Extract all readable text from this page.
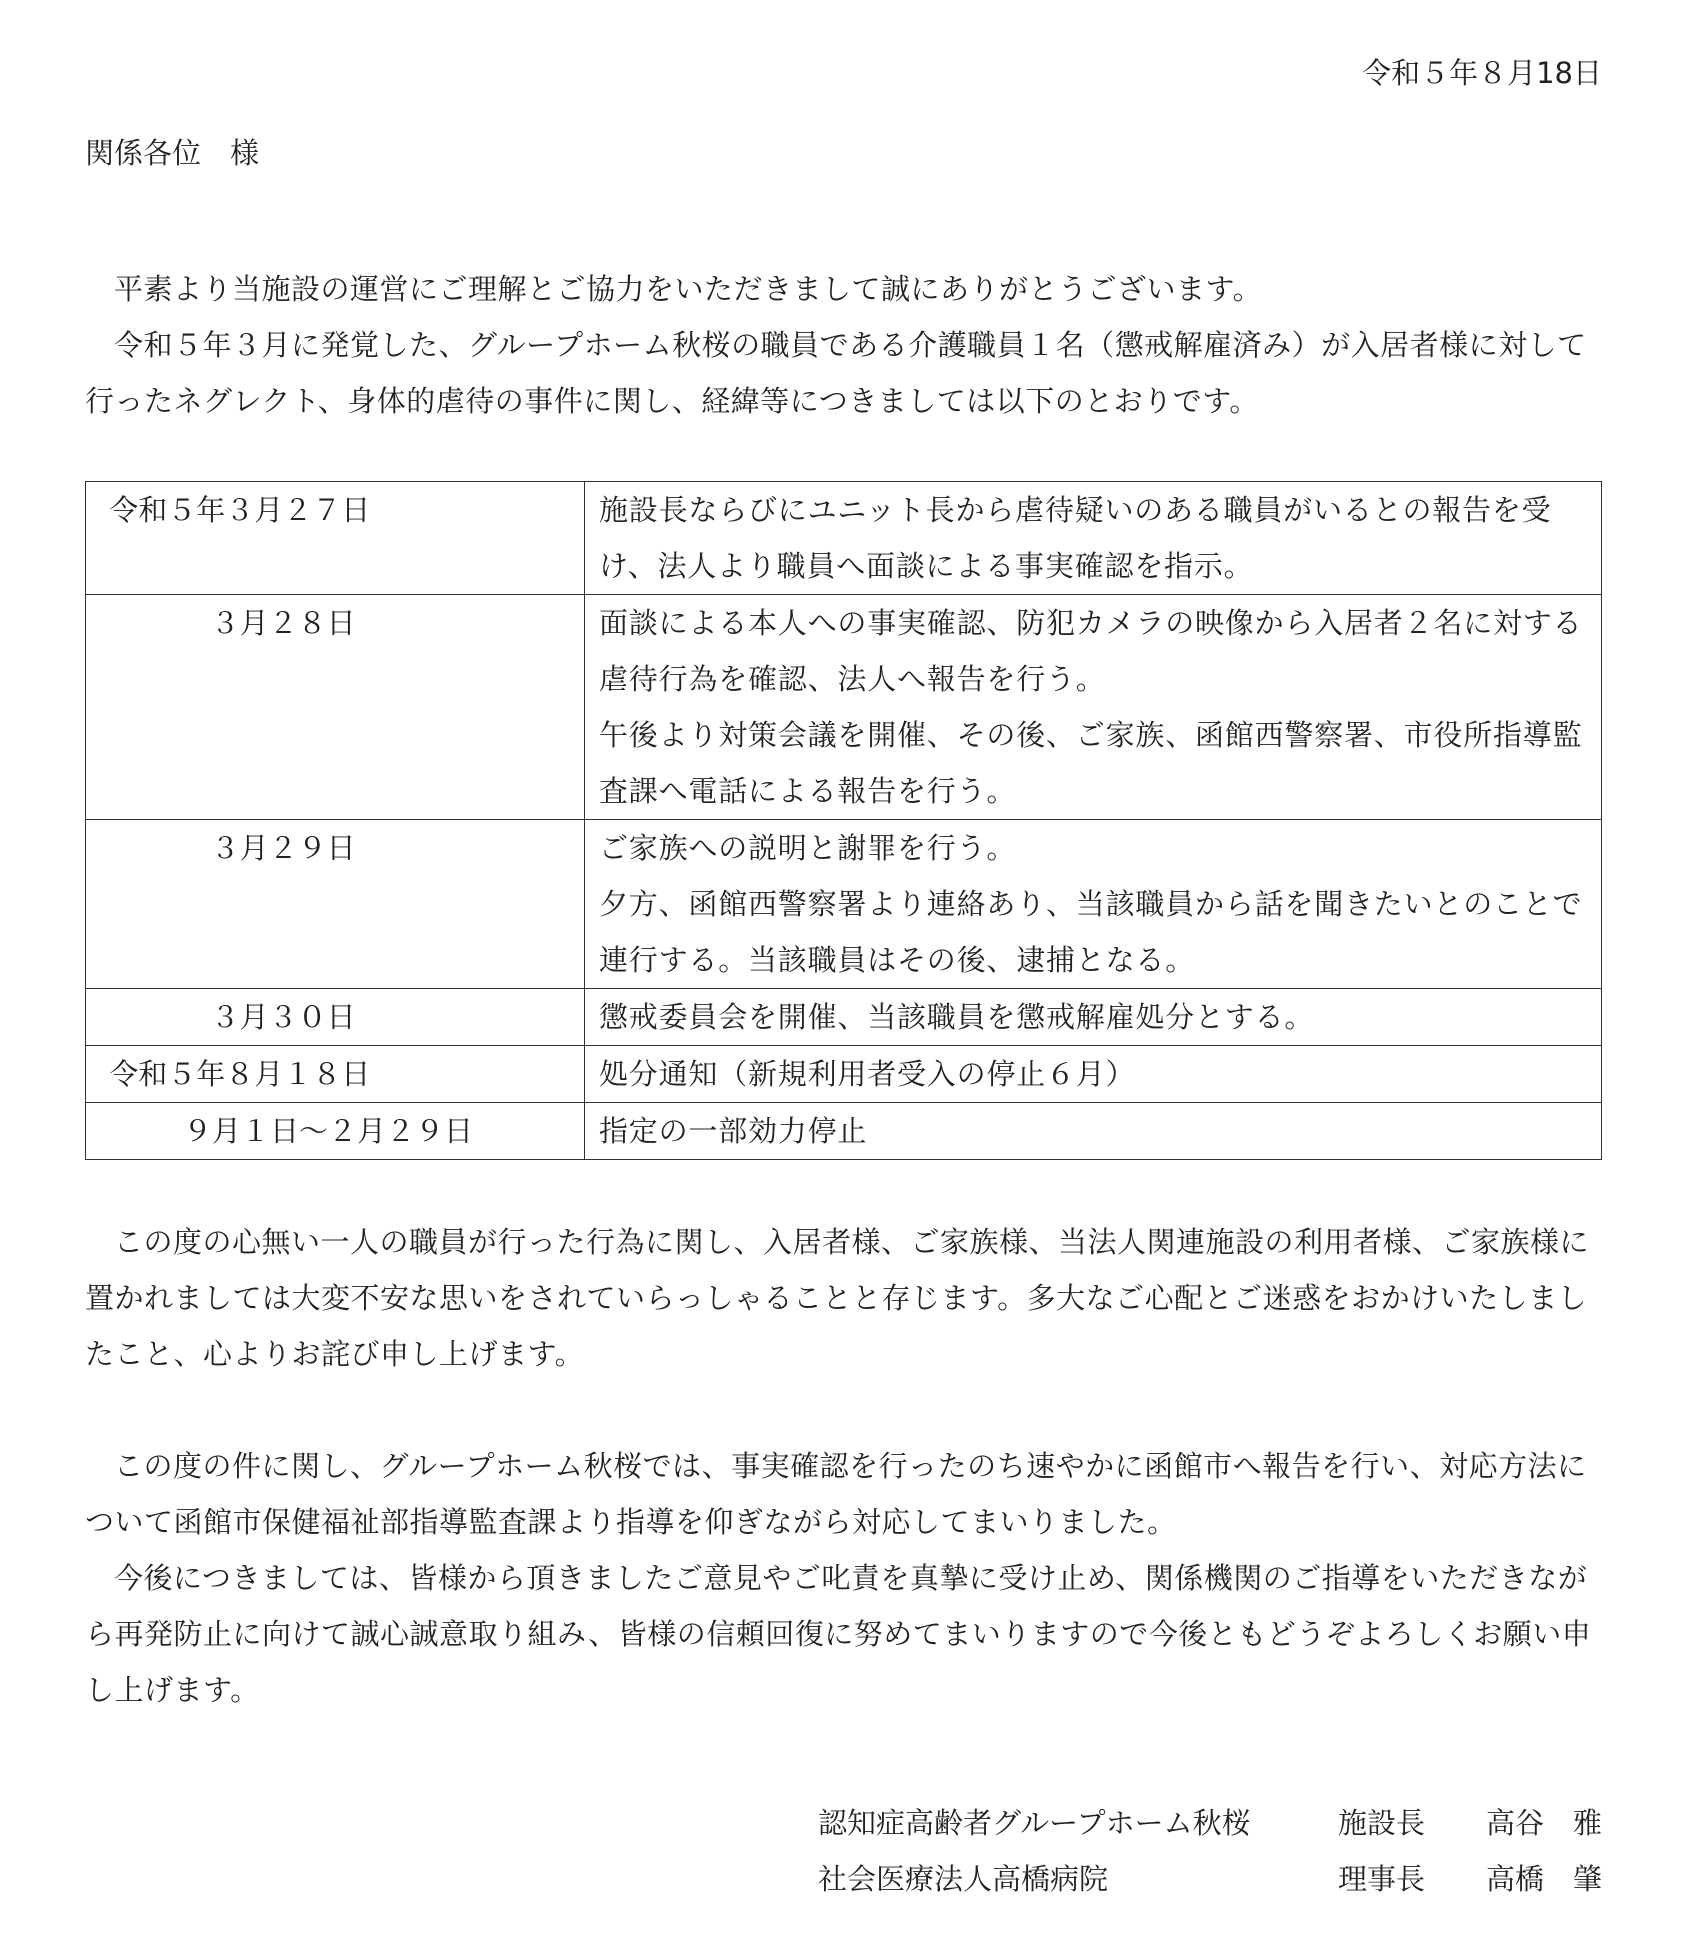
令和５年８月18日

関係各位　様

平素より当施設の運営にご理解とご協力をいただきまして誠にありがとうございます。

令和５年３月に発覚した、グループホーム秋桜の職員である介護職員１名（懲戒解雇済み）が入居者様に対して行ったネグレクト、身体的虐待の事件に関し、経緯等につきましては以下のとおりです。

令和５年３月２７日	施設長ならびにユニット長から虐待疑いのある職員がいるとの報告を受け、法人より職員へ面談による事実確認を指示。

３月２８日	面談による本人への事実確認、防犯カメラの映像から入居者２名に対する虐待行為を確認、法人へ報告を行う。
午後より対策会議を開催、その後、ご家族、函館西警察署、市役所指導監査課へ電話による報告を行う。

３月２９日	ご家族への説明と謝罪を行う。
夕方、函館西警察署より連絡あり、当該職員から話を聞きたいとのことで連行する。当該職員はその後、逮捕となる。

３月３０日	懲戒委員会を開催、当該職員を懲戒解雇処分とする。

令和５年８月１８日	処分通知（新規利用者受入の停止６月）

９月１日～２月２９日	指定の一部効力停止

この度の心無い一人の職員が行った行為に関し、入居者様、ご家族様、当法人関連施設の利用者様、ご家族様に置かれましては大変不安な思いをされていらっしゃることと存じます。多大なご心配とご迷惑をおかけいたしましたこと、心よりお詫び申し上げます。

この度の件に関し、グループホーム秋桜では、事実確認を行ったのち速やかに函館市へ報告を行い、対応方法について函館市保健福祉部指導監査課より指導を仰ぎながら対応してまいりました。

今後につきましては、皆様から頂きましたご意見やご叱責を真摯に受け止め、関係機関のご指導をいただきながら再発防止に向けて誠心誠意取り組み、皆様の信頼回復に努めてまいりますので今後ともどうぞよろしくお願い申し上げます。

認知症高齢者グループホーム秋桜	施設長	高谷　雅
社会医療法人高橋病院	理事長	高橋　肇
